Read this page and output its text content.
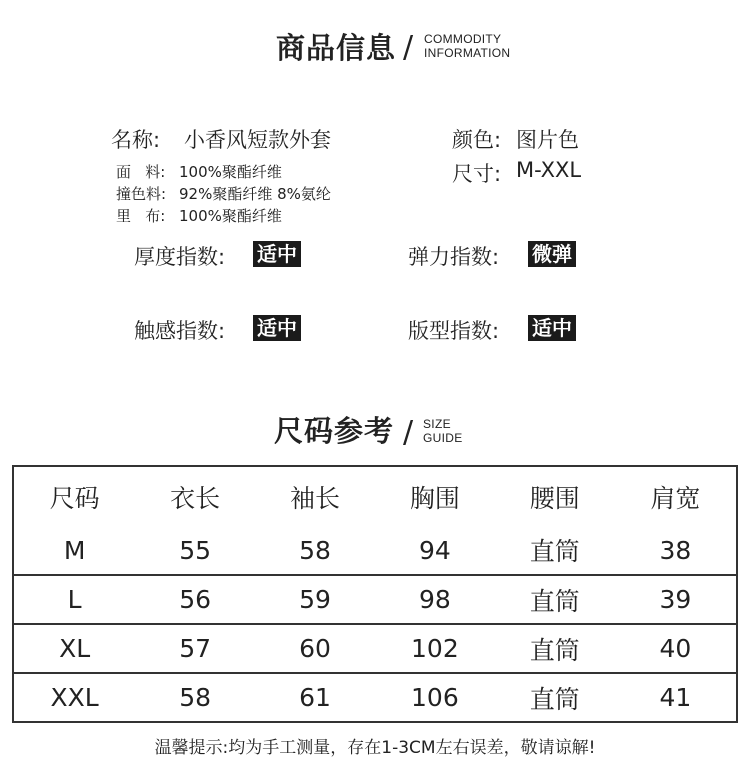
商品信息 / COMMODITY
INFORMATION
名称: 小香风短款外套	颜色: 图片色
尺寸: M-XXL
面   料: 100%聚酯纤维
撞色料: 92%聚酯纤维 8%氨纶
里   布: 100%聚酯纤维
厚度指数: 适中	弹力指数: 微弹
触感指数: 适中	版型指数: 适中
尺码参考 / SIZE
GUIDE
尺码	衣长	袖长	胸围	腰围	肩宽
M	55	58	94	直筒	38
L	56	59	98	直筒	39
XL	57	60	102	直筒	40
XXL	58	61	106	直筒	41
温馨提示:均为手工测量，存在1-3CM左右误差，敬请谅解!
